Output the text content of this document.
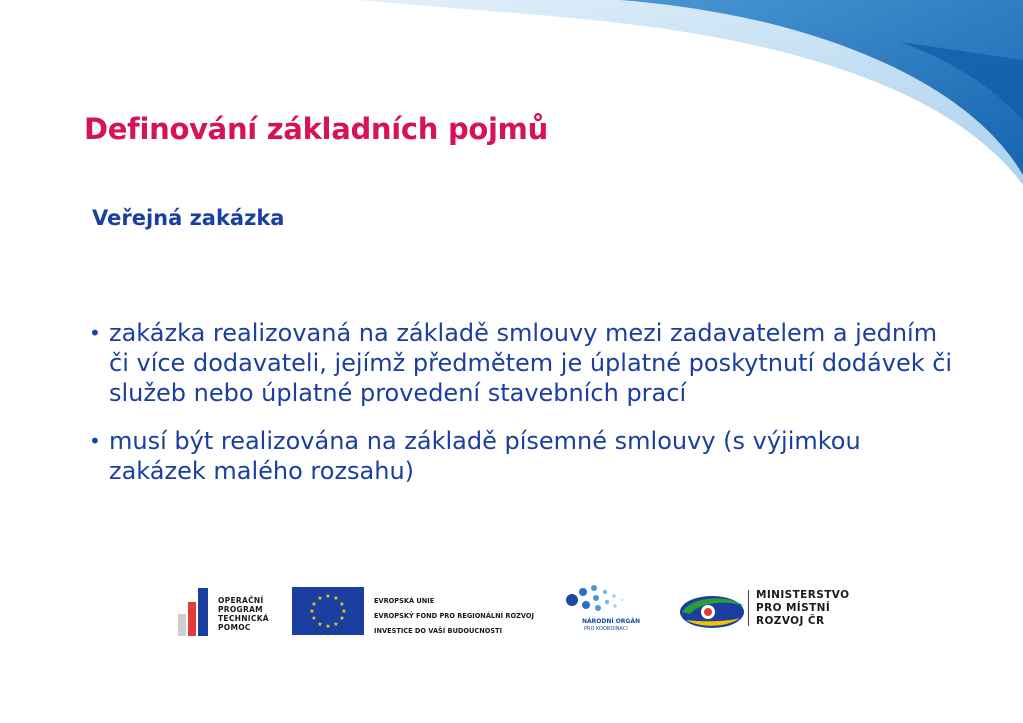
Definování základních pojmů
Veřejná zakázka
• zakázka realizovaná na základě smlouvy mezi zadavatelem a jedním či více dodavateli, jejímž předmětem je úplatné poskytnutí dodávek či služeb nebo úplatné provedení stavebních prací
• musí být realizována na základě písemné smlouvy (s výjimkou zakázek malého rozsahu)
OPERAČNÍ
PROGRAM
TECHNICKÁ
POMOC
★ ★
★
★
★
★
★
★
★
★
★
★	EVROPSKÁ UNIE
EVROPSKÝ FOND PRO REGIONÁLNÍ ROZVOJ
INVESTICE DO VAŠÍ BUDOUCNOSTI
NÁRODNÍ ORGÁN
PRO KOORDINACI
MINISTERSTVO
PRO MÍSTNÍ
ROZVOJ ČR
